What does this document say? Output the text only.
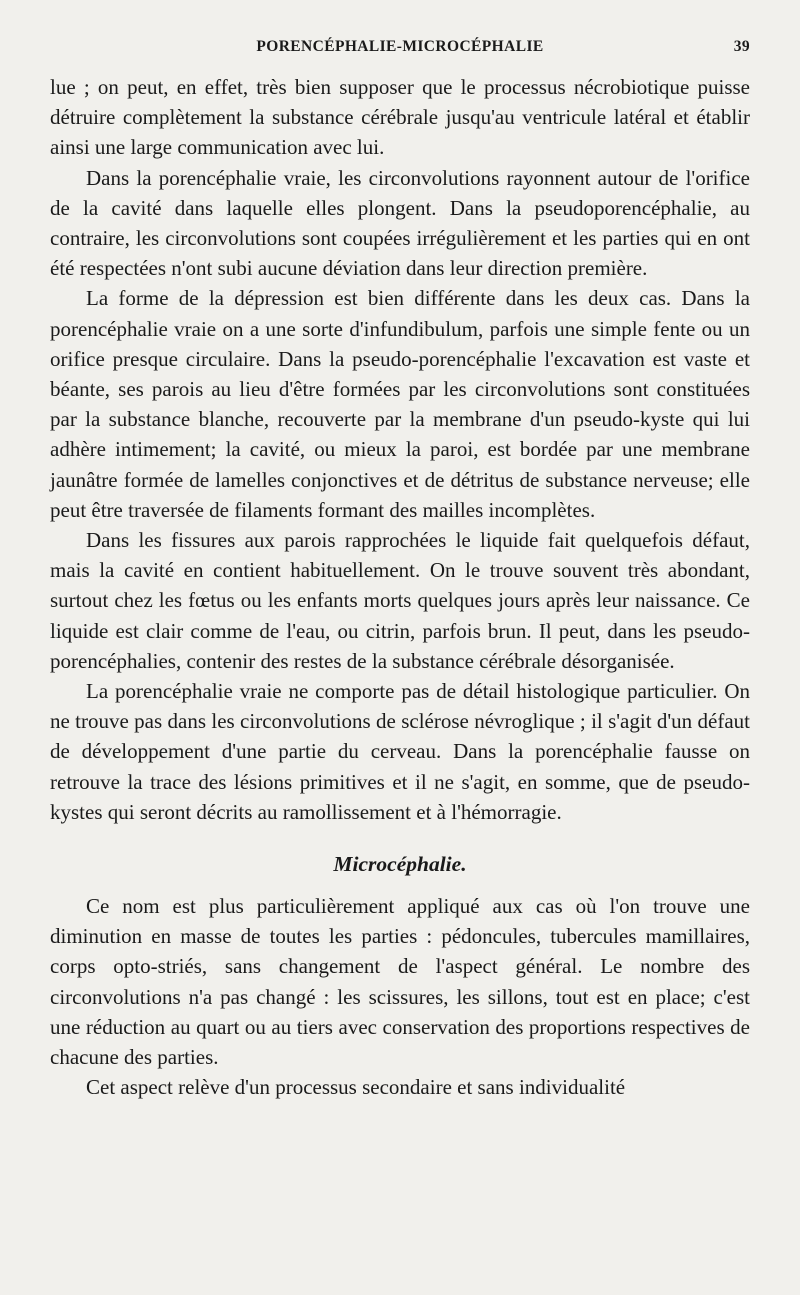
PORENCÉPHALIE-MICROCÉPHALIE	39

lue ; on peut, en effet, très bien supposer que le processus nécrobiotique puisse détruire complètement la substance cérébrale jusqu'au ventricule latéral et établir ainsi une large communication avec lui.

Dans la porencéphalie vraie, les circonvolutions rayonnent autour de l'orifice de la cavité dans laquelle elles plongent. Dans la pseudoporencéphalie, au contraire, les circonvolutions sont coupées irrégulièrement et les parties qui en ont été respectées n'ont subi aucune déviation dans leur direction première.

La forme de la dépression est bien différente dans les deux cas. Dans la porencéphalie vraie on a une sorte d'infundibulum, parfois une simple fente ou un orifice presque circulaire. Dans la pseudo-porencéphalie l'excavation est vaste et béante, ses parois au lieu d'être formées par les circonvolutions sont constituées par la substance blanche, recouverte par la membrane d'un pseudo-kyste qui lui adhère intimement; la cavité, ou mieux la paroi, est bordée par une membrane jaunâtre formée de lamelles conjonctives et de détritus de substance nerveuse; elle peut être traversée de filaments formant des mailles incomplètes.

Dans les fissures aux parois rapprochées le liquide fait quelquefois défaut, mais la cavité en contient habituellement. On le trouve souvent très abondant, surtout chez les fœtus ou les enfants morts quelques jours après leur naissance. Ce liquide est clair comme de l'eau, ou citrin, parfois brun. Il peut, dans les pseudo-porencéphalies, contenir des restes de la substance cérébrale désorganisée.

La porencéphalie vraie ne comporte pas de détail histologique particulier. On ne trouve pas dans les circonvolutions de sclérose névroglique ; il s'agit d'un défaut de développement d'une partie du cerveau. Dans la porencéphalie fausse on retrouve la trace des lésions primitives et il ne s'agit, en somme, que de pseudo-kystes qui seront décrits au ramollissement et à l'hémorragie.

Microcéphalie.

Ce nom est plus particulièrement appliqué aux cas où l'on trouve une diminution en masse de toutes les parties : pédoncules, tubercules mamillaires, corps opto-striés, sans changement de l'aspect général. Le nombre des circonvolutions n'a pas changé : les scissures, les sillons, tout est en place; c'est une réduction au quart ou au tiers avec conservation des proportions respectives de chacune des parties.

Cet aspect relève d'un processus secondaire et sans individualité
